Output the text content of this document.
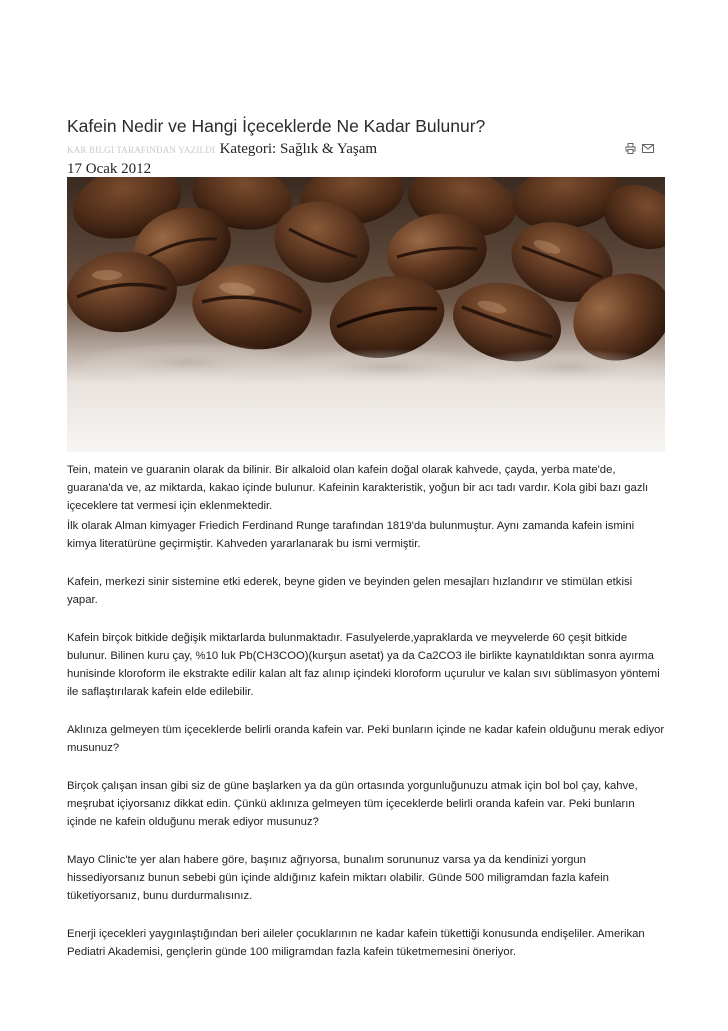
Kafein Nedir ve Hangi İçeceklerde Ne Kadar Bulunur?
KAR BILGI TARAFINDAN YAZILDI Kategori: Sağlık & Yaşam
17 Ocak 2012

Tein, matein ve guaranin olarak da bilinir. Bir alkaloid olan kafein doğal olarak kahvede, çayda, yerba mate'de, guarana'da ve, az miktarda, kakao içinde bulunur. Kafeinin karakteristik, yoğun bir acı tadı vardır. Kola gibi bazı gazlı içeceklere tat vermesi için eklenmektedir.

İlk olarak Alman kimyager Friedich Ferdinand Runge tarafından 1819'da bulunmuştur. Aynı zamanda kafein ismini kimya literatürüne geçirmiştir. Kahveden yararlanarak bu ismi vermiştir.

Kafein, merkezi sinir sistemine etki ederek, beyne giden ve beyinden gelen mesajları hızlandırır ve stimülan etkisi yapar.

Kafein birçok bitkide değişik miktarlarda bulunmaktadır. Fasulyelerde,yapraklarda ve meyvelerde 60 çeşit bitkide bulunur. Bilinen kuru çay, %10 luk Pb(CH3COO)(kurşun asetat) ya da Ca2CO3 ile birlikte kaynatıldıktan sonra ayırma hunisinde kloroform ile ekstrakte edilir kalan alt faz alınıp içindeki kloroform uçurulur ve kalan sıvı süblimasyon yöntemi ile saflaştırılarak kafein elde edilebilir.

Aklınıza gelmeyen tüm içeceklerde belirli oranda kafein var. Peki bunların içinde ne kadar kafein olduğunu merak ediyor musunuz?

Birçok çalışan insan gibi siz de güne başlarken ya da gün ortasında yorgunluğunuzu atmak için bol bol çay, kahve, meşrubat içiyorsanız dikkat edin. Çünkü aklınıza gelmeyen tüm içeceklerde belirli oranda kafein var. Peki bunların içinde ne kafein olduğunu merak ediyor musunuz?

Mayo Clinic'te yer alan habere göre, başınız ağrıyorsa, bunalım sorununuz varsa ya da kendinizi yorgun hissediyorsanız bunun sebebi gün içinde aldığınız kafein miktarı olabilir. Günde 500 miligramdan fazla kafein tüketiyorsanız, bunu durdurmalısınız.

Enerji içecekleri yaygınlaştığından beri aileler çocuklarının ne kadar kafein tükettiği konusunda endişeliler. Amerikan Pediatri Akademisi, gençlerin günde 100 miligramdan fazla kafein tüketmemesini öneriyor.
